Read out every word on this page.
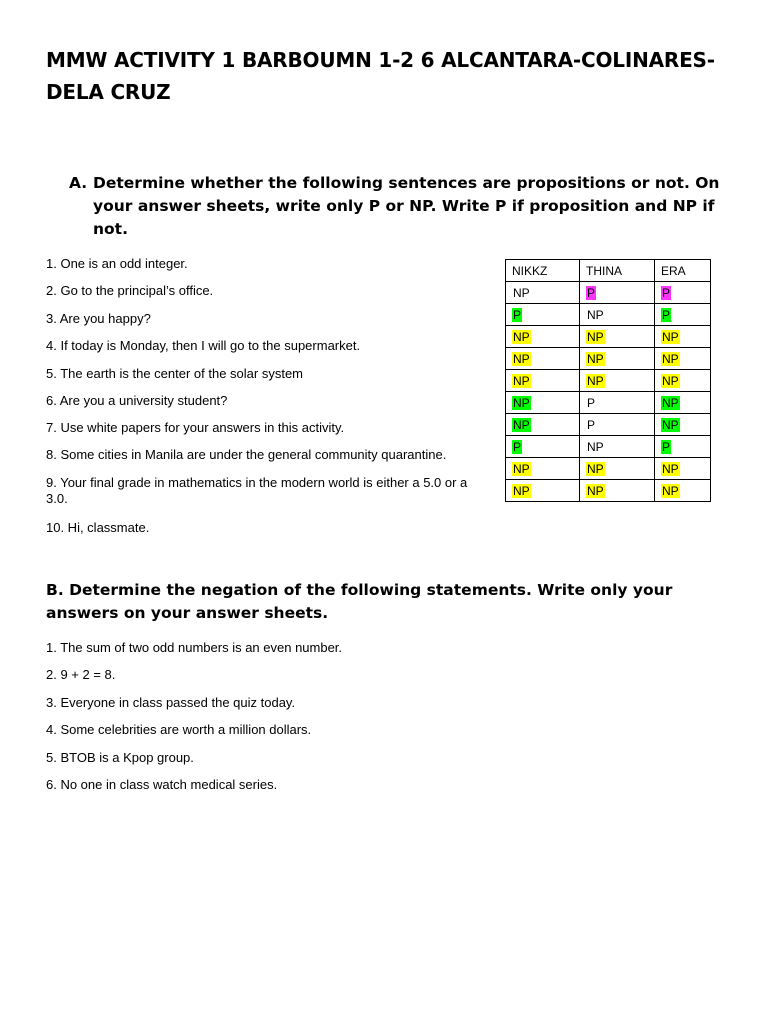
MMW ACTIVITY 1 BARBOUMN 1-2 6 ALCANTARA-COLINARES-DELA CRUZ
A. Determine whether the following sentences are propositions or not. On your answer sheets, write only P or NP. Write P if proposition and NP if not.
1. One is an odd integer.
2. Go to the principal’s office.
3. Are you happy?
4. If today is Monday, then I will go to the supermarket.
5. The earth is the center of the solar system
6. Are you a university student?
7. Use white papers for your answers in this activity.
8. Some cities in Manila are under the general community quarantine.
9. Your final grade in mathematics in the modern world is either a 5.0 or a 3.0.
10. Hi, classmate.
NIKKZ	THINA	ERA
NP	P	P
P	NP	P
NP	NP	NP
NP	NP	NP
NP	NP	NP
NP	P	NP
NP	P	NP
P	NP	P
NP	NP	NP
NP	NP	NP
B. Determine the negation of the following statements. Write only your answers on your answer sheets.
1. The sum of two odd numbers is an even number.
2. 9 + 2 = 8.
3. Everyone in class passed the quiz today.
4. Some celebrities are worth a million dollars.
5. BTOB is a Kpop group.
6. No one in class watch medical series.
